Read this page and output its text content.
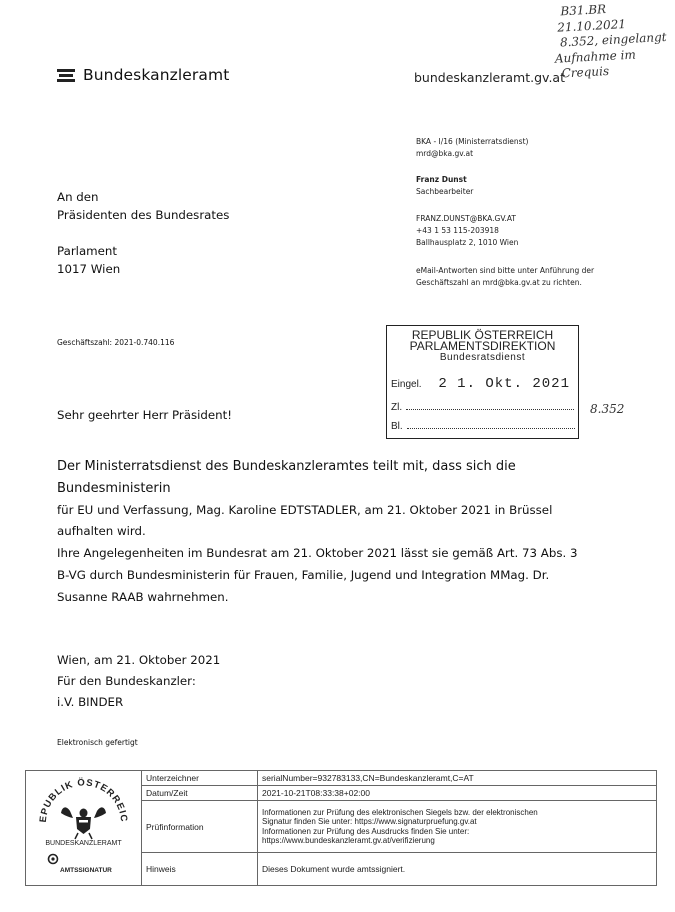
Bundeskanzleramt	bundeskanzleramt.gv.at
B31.BR
21.10.2021
8.352, eingelangt
Aufnahme im
Crequis
BKA - I/16 (Ministerratsdienst)
mrd@bka.gv.at
Franz Dunst
Sachbearbeiter
FRANZ.DUNST@BKA.GV.AT
+43 1 53 115-203918
Ballhausplatz 2, 1010 Wien
eMail-Antworten sind bitte unter Anführung der
Geschäftszahl an mrd@bka.gv.at zu richten.
An den
Präsidenten des Bundesrates
Parlament
1017 Wien
Geschäftszahl: 2021-0.740.116
REPUBLIK ÖSTERREICH
PARLAMENTSDIREKTION
Bundesratsdienst
Eingel. 2 1. Okt. 2021
Zl.
Bl.
8.352
Sehr geehrter Herr Präsident!
Der Ministerratsdienst des Bundeskanzleramtes teilt mit, dass sich die Bundesministerin
für EU und Verfassung, Mag. Karoline EDTSTADLER, am 21. Oktober 2021 in Brüssel
aufhalten wird.
Ihre Angelegenheiten im Bundesrat am 21. Oktober 2021 lässt sie gemäß Art. 73 Abs. 3
B-VG durch Bundesministerin für Frauen, Familie, Jugend und Integration MMag. Dr.
Susanne RAAB wahrnehmen.
Wien, am 21. Oktober 2021
Für den Bundeskanzler:
i.V. BINDER
Elektronisch gefertigt
EPUBLIK ÖSTERREIC
BUNDESKANZLERAMT
AMTSSIGNATUR	Unterzeichner	serialNumber=932783133,CN=Bundeskanzleramt,C=AT
	Datum/Zeit	2021-10-21T08:33:38+02:00
	Prüfinformation	Informationen zur Prüfung des elektronischen Siegels bzw. der elektronischen
Signatur finden Sie unter: https://www.signaturpruefung.gv.at
Informationen zur Prüfung des Ausdrucks finden Sie unter:
https://www.bundeskanzleramt.gv.at/verifizierung

	Hinweis	Dieses Dokument wurde amtssigniert.
